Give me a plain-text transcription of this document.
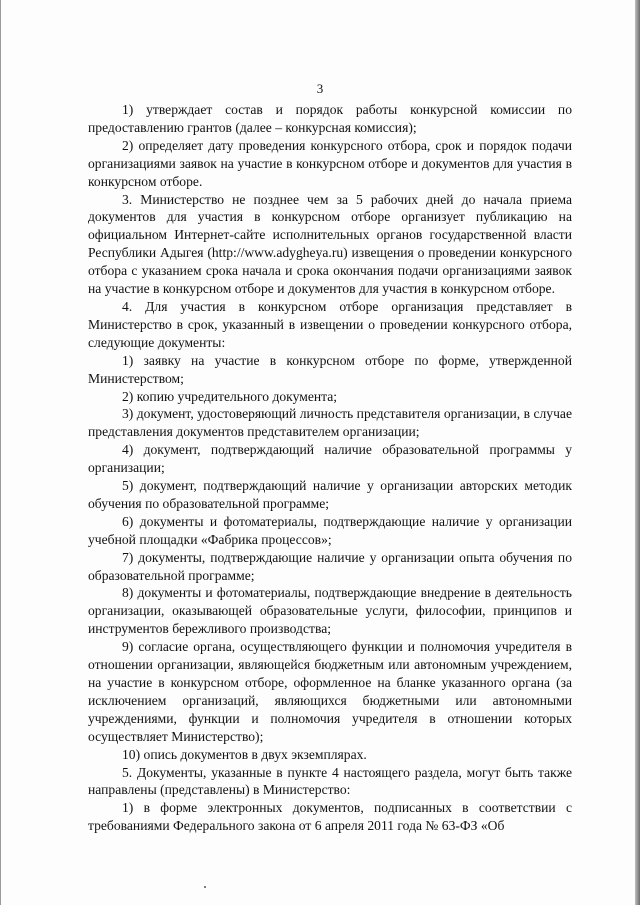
3

1) утверждает состав и порядок работы конкурсной комиссии по предоставлению грантов (далее – конкурсная комиссия);

2) определяет дату проведения конкурсного отбора, срок и порядок подачи организациями заявок на участие в конкурсном отборе и документов для участия в конкурсном отборе.

3. Министерство не позднее чем за 5 рабочих дней до начала приема документов для участия в конкурсном отборе организует публикацию на официальном Интернет-сайте исполнительных органов государственной власти Республики Адыгея (http://www.adygheya.ru) извещения о проведении конкурсного отбора с указанием срока начала и срока окончания подачи организациями заявок на участие в конкурсном отборе и документов для участия в конкурсном отборе.

4. Для участия в конкурсном отборе организация представляет в Министерство в срок, указанный в извещении о проведении конкурсного отбора, следующие документы:

1) заявку на участие в конкурсном отборе по форме, утвержденной Министерством;

2) копию учредительного документа;

3) документ, удостоверяющий личность представителя организации, в случае представления документов представителем организации;

4) документ, подтверждающий наличие образовательной программы у организации;

5) документ, подтверждающий наличие у организации авторских методик обучения по образовательной программе;

6) документы и фотоматериалы, подтверждающие наличие у организации учебной площадки «Фабрика процессов»;

7) документы, подтверждающие наличие у организации опыта обучения по образовательной программе;

8) документы и фотоматериалы, подтверждающие внедрение в деятельность организации, оказывающей образовательные услуги, философии, принципов и инструментов бережливого производства;

9) согласие органа, осуществляющего функции и полномочия учредителя в отношении организации, являющейся бюджетным или автономным учреждением, на участие в конкурсном отборе, оформленное на бланке указанного органа (за исключением организаций, являющихся бюджетными или автономными учреждениями, функции и полномочия учредителя в отношении которых осуществляет Министерство);

10) опись документов в двух экземплярах.

5. Документы, указанные в пункте 4 настоящего раздела, могут быть также направлены (представлены) в Министерство:

1) в форме электронных документов, подписанных в соответствии с требованиями Федерального закона от 6 апреля 2011 года № 63-ФЗ «Об
